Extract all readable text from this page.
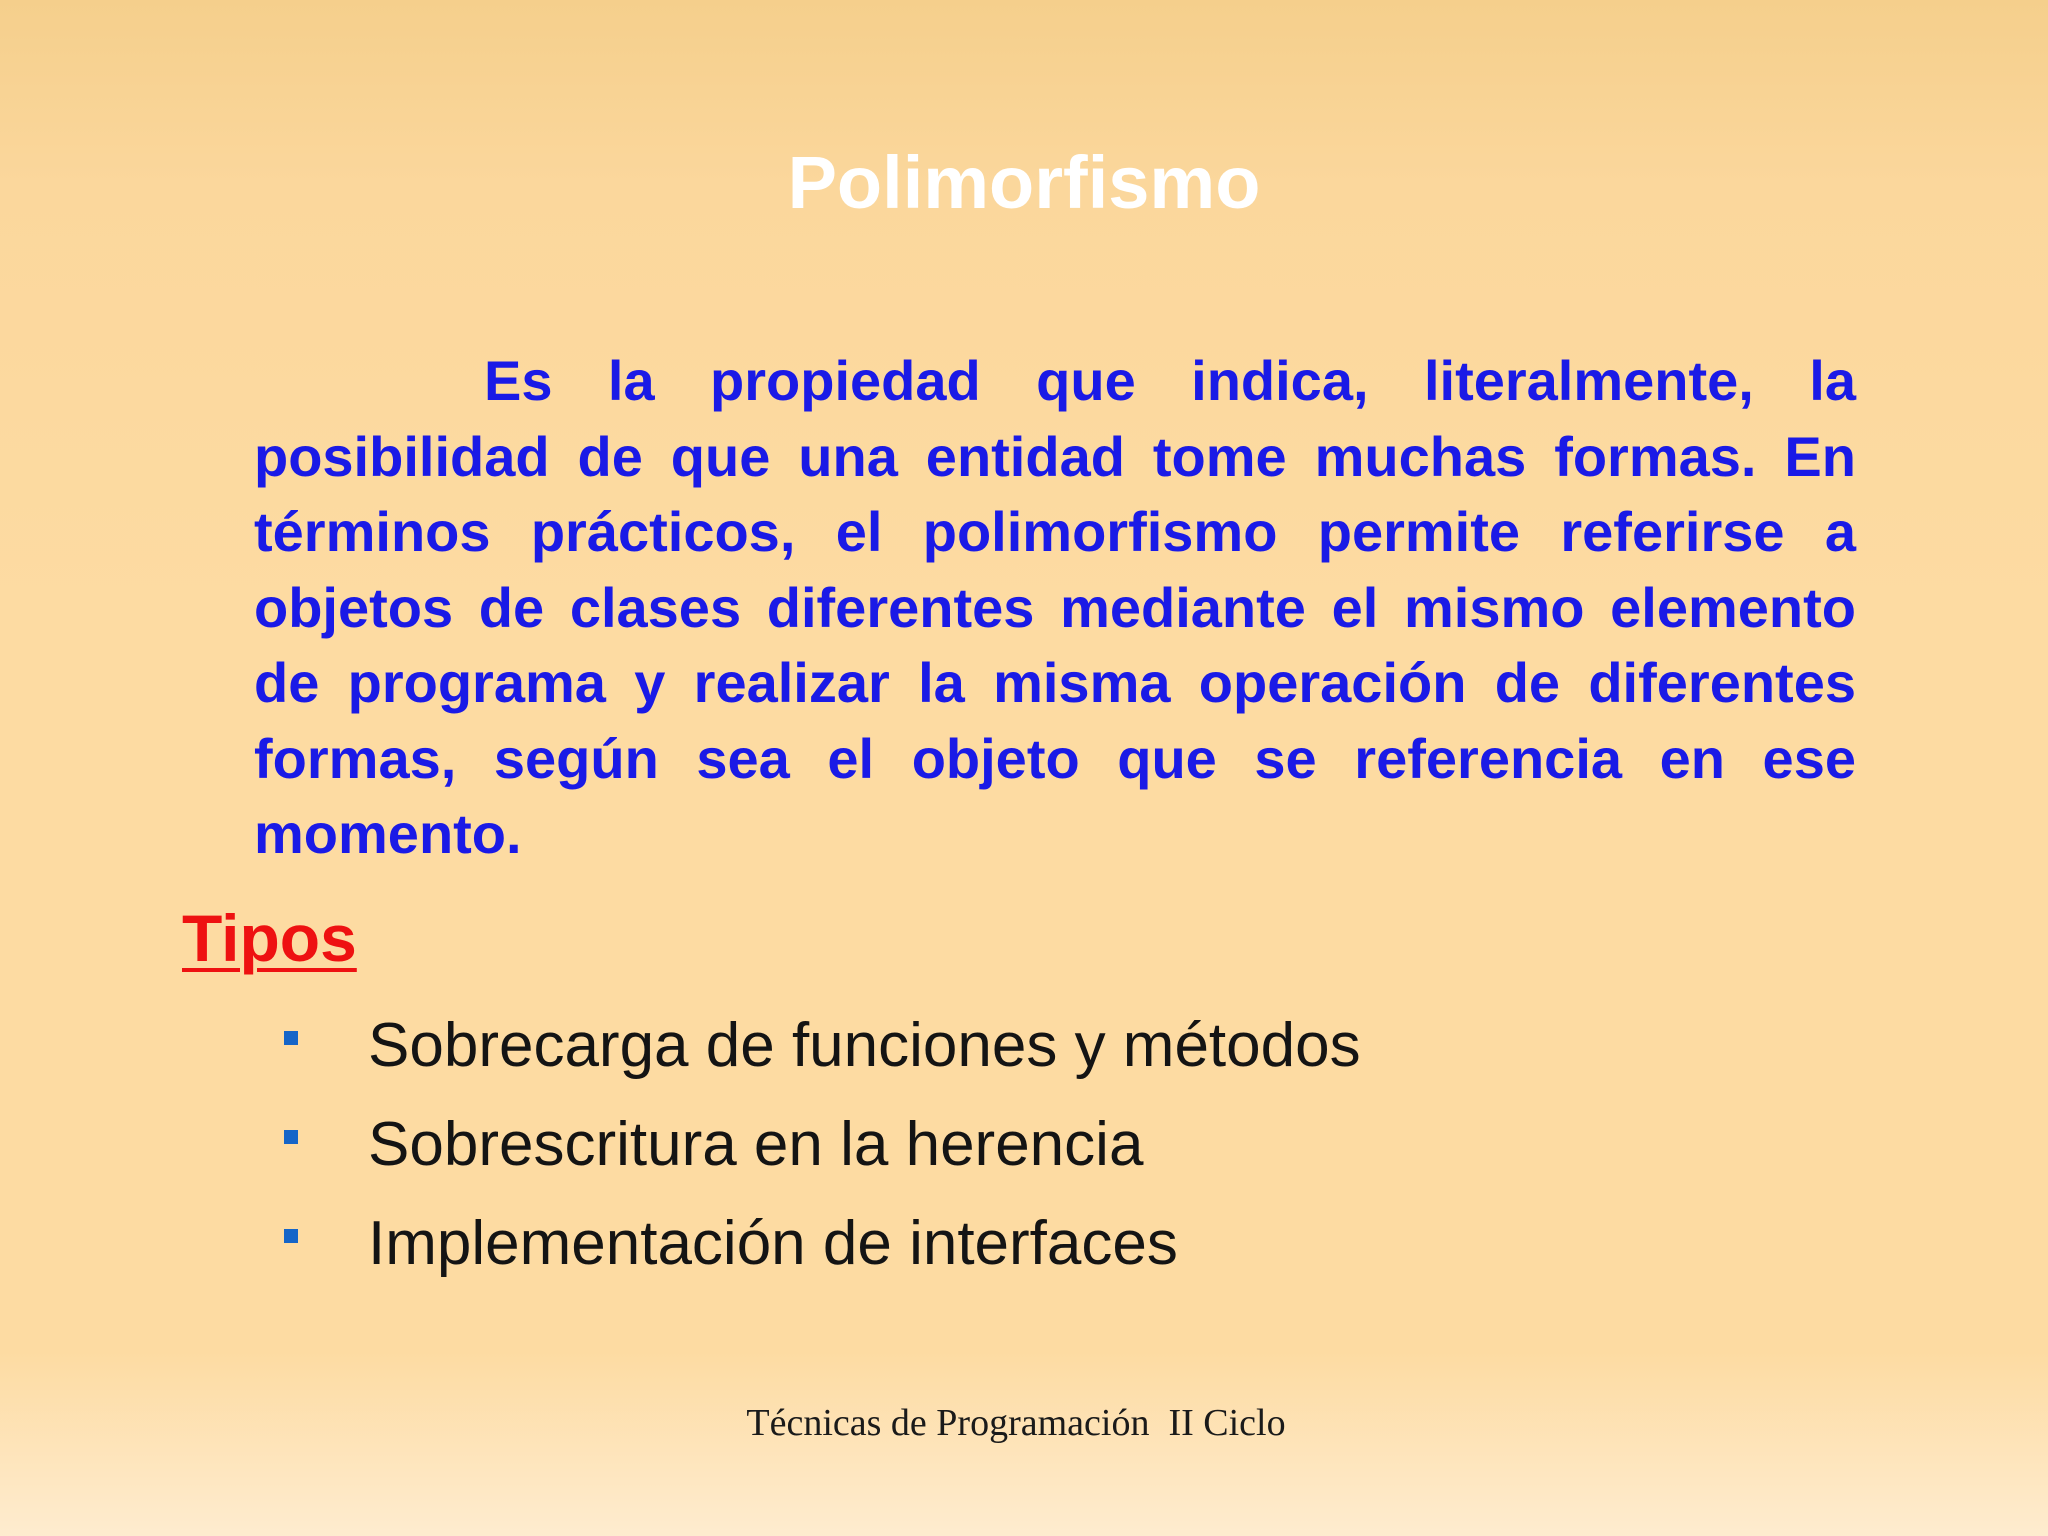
Polimorfismo

Es la propiedad que indica, literalmente, la posibilidad de que una entidad tome muchas formas. En términos prácticos, el polimorfismo permite referirse a objetos de clases diferentes mediante el mismo elemento de programa y realizar la misma operación de diferentes formas, según sea el objeto que se referencia en ese momento.

Tipos
Sobrecarga de funciones y métodos
Sobrescritura en la herencia
Implementación de interfaces
Técnicas de Programación  II Ciclo
